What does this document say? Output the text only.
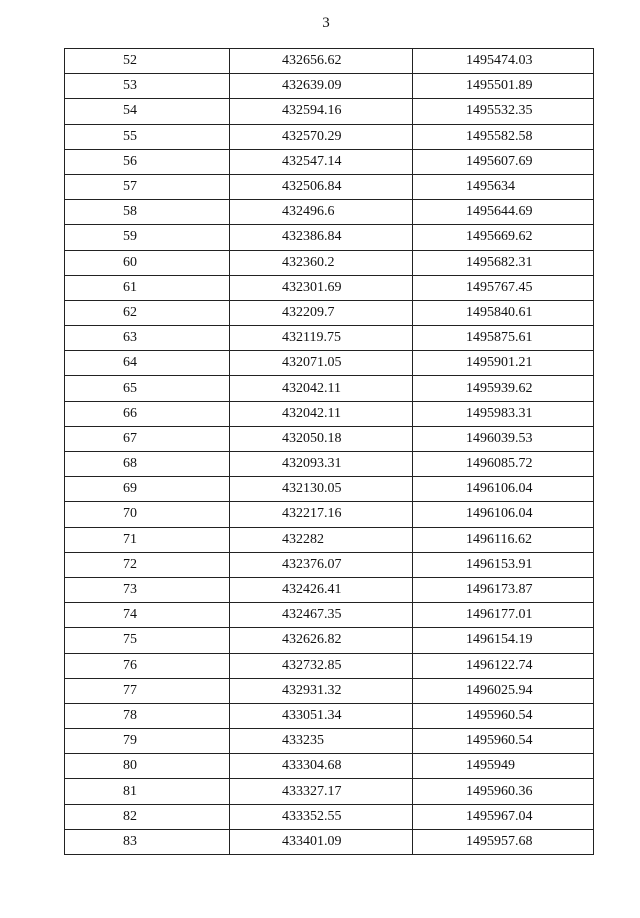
3
52	432656.62	1495474.03
53	432639.09	1495501.89
54	432594.16	1495532.35
55	432570.29	1495582.58
56	432547.14	1495607.69
57	432506.84	1495634
58	432496.6	1495644.69
59	432386.84	1495669.62
60	432360.2	1495682.31
61	432301.69	1495767.45
62	432209.7	1495840.61
63	432119.75	1495875.61
64	432071.05	1495901.21
65	432042.11	1495939.62
66	432042.11	1495983.31
67	432050.18	1496039.53
68	432093.31	1496085.72
69	432130.05	1496106.04
70	432217.16	1496106.04
71	432282	1496116.62
72	432376.07	1496153.91
73	432426.41	1496173.87
74	432467.35	1496177.01
75	432626.82	1496154.19
76	432732.85	1496122.74
77	432931.32	1496025.94
78	433051.34	1495960.54
79	433235	1495960.54
80	433304.68	1495949
81	433327.17	1495960.36
82	433352.55	1495967.04
83	433401.09	1495957.68
